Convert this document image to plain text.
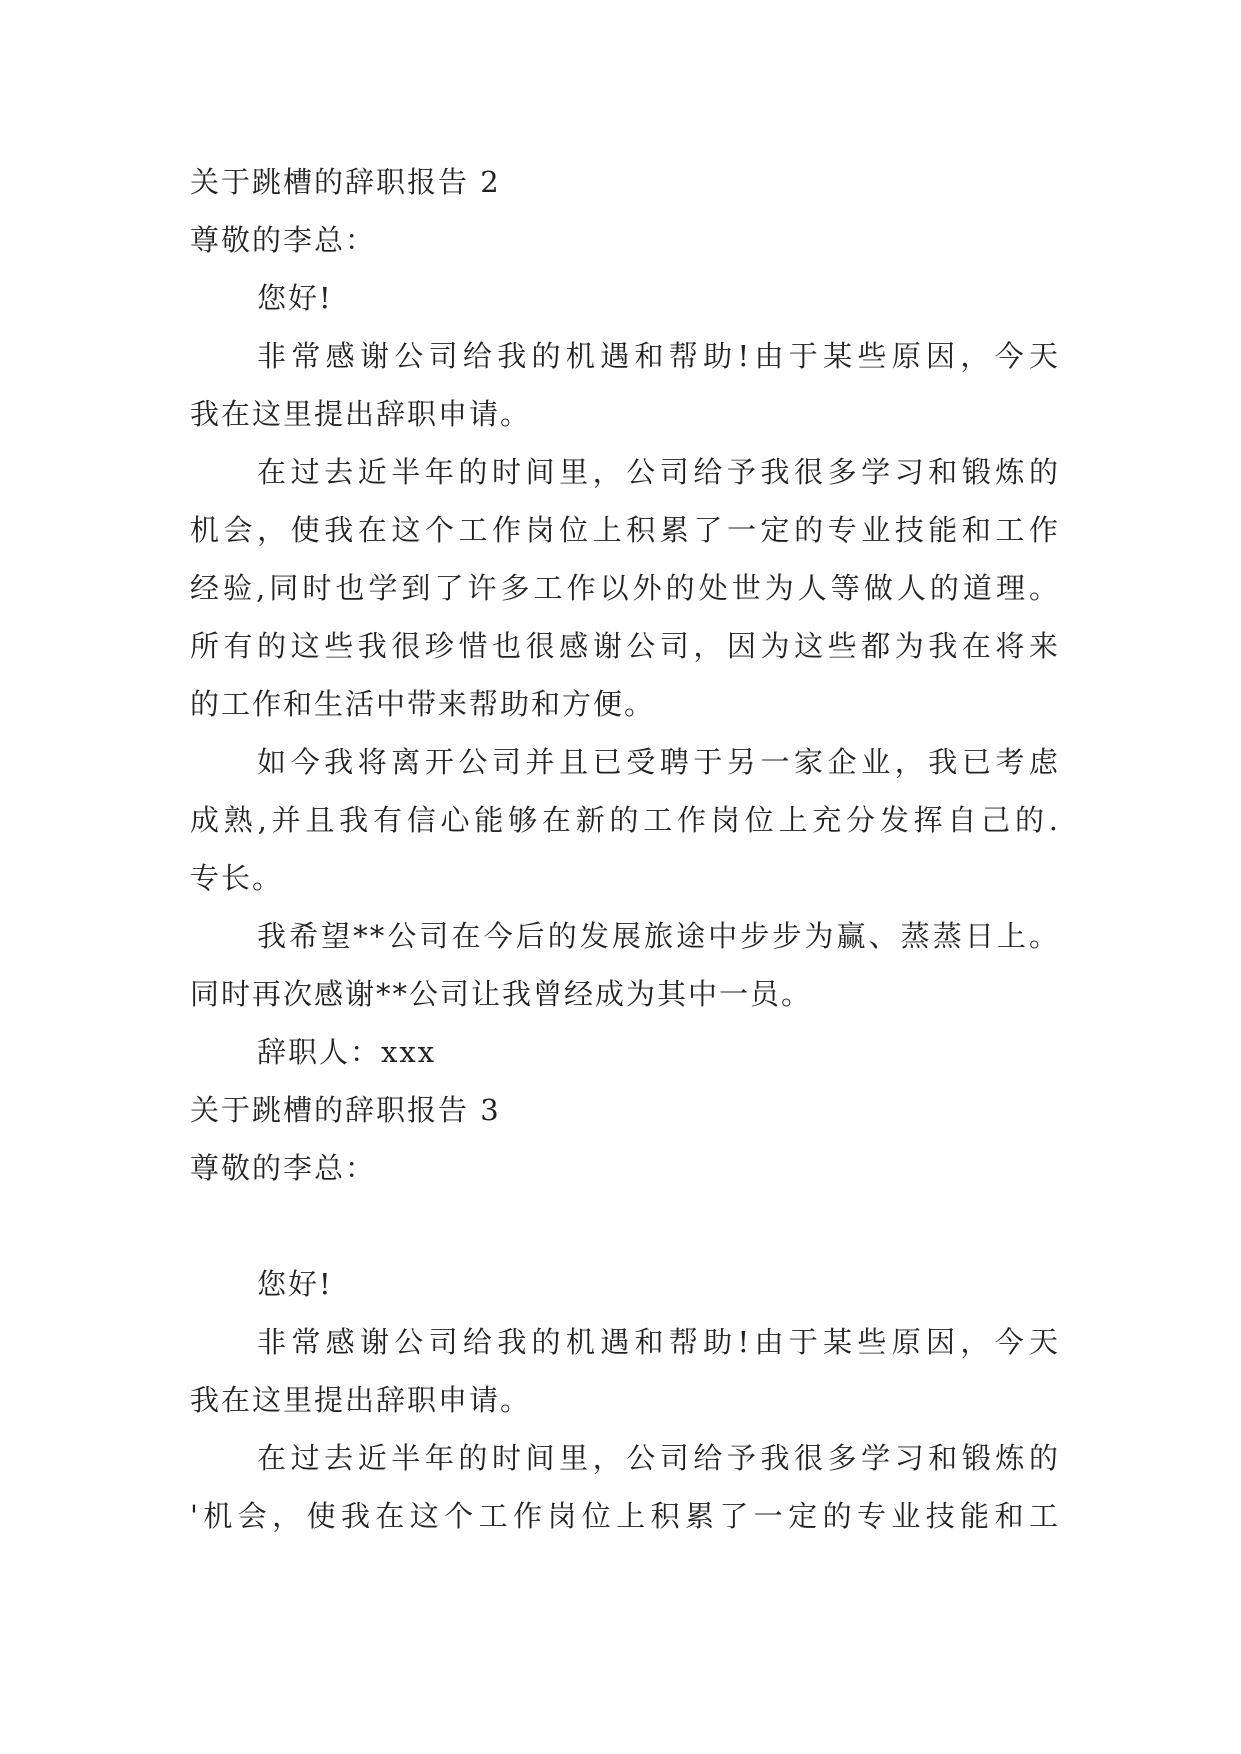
关于跳槽的辞职报告 2
尊敬的李总：
您好!
非常感谢公司给我的机遇和帮助!由于某些原因，今天
我在这里提出辞职申请。
在过去近半年的时间里，公司给予我很多学习和锻炼的
机会，使我在这个工作岗位上积累了一定的专业技能和工作
经验,同时也学到了许多工作以外的处世为人等做人的道理。
所有的这些我很珍惜也很感谢公司，因为这些都为我在将来
的工作和生活中带来帮助和方便。
如今我将离开公司并且已受聘于另一家企业，我已考虑
成熟,并且我有信心能够在新的工作岗位上充分发挥自己的.
专长。
我希望**公司在今后的发展旅途中步步为赢、蒸蒸日上。
同时再次感谢**公司让我曾经成为其中一员。
辞职人：xxx
关于跳槽的辞职报告 3
尊敬的李总：
您好!
非常感谢公司给我的机遇和帮助!由于某些原因，今天
我在这里提出辞职申请。
在过去近半年的时间里，公司给予我很多学习和锻炼的
'机会，使我在这个工作岗位上积累了一定的专业技能和工
